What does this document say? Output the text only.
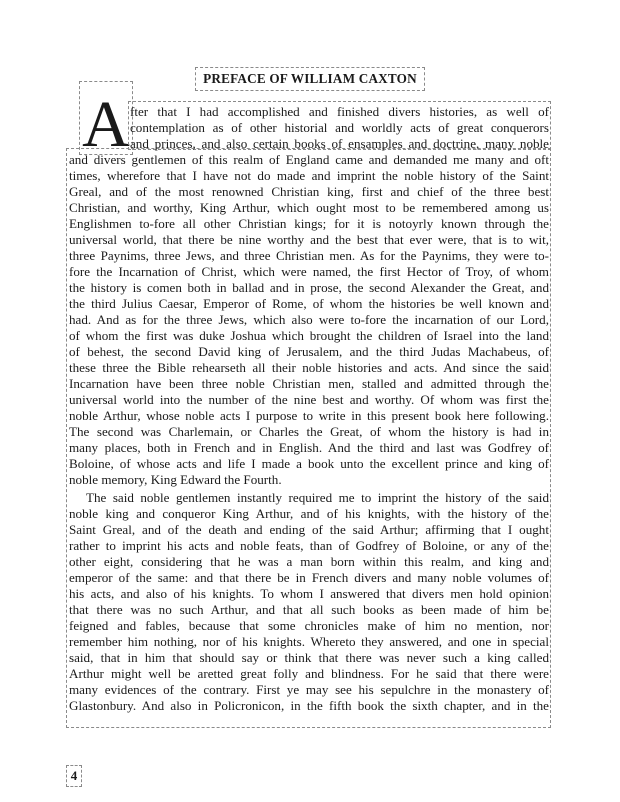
PREFACE OF WILLIAM CAXTON
A fter that I had accomplished and finished divers histories, as well of
contemplation as of other historial and worldly acts of great conquerors
and princes, and also certain books of ensamples and doctrine, many noble
and divers gentlemen of this realm of England came and demanded me many and oft
times, wherefore that I have not do made and imprint the noble history of the Saint
Greal, and of the most renowned Christian king, first and chief of the three best
Christian, and worthy, King Arthur, which ought most to be remembered among us
Englishmen to-fore all other Christian kings; for it is notoyrly known through the
universal world, that there be nine worthy and the best that ever were, that is to wit,
three Paynims, three Jews, and three Christian men. As for the Paynims, they were to-
fore the Incarnation of Christ, which were named, the first Hector of Troy, of whom
the history is comen both in ballad and in prose, the second Alexander the Great, and
the third Julius Caesar, Emperor of Rome, of whom the histories be well known and
had. And as for the three Jews, which also were to-fore the incarnation of our Lord,
of whom the first was duke Joshua which brought the children of Israel into the land
of behest, the second David king of Jerusalem, and the third Judas Machabeus, of
these three the Bible rehearseth all their noble histories and acts. And since the said
Incarnation have been three noble Christian men, stalled and admitted through the
universal world into the number of the nine best and worthy. Of whom was first the
noble Arthur, whose noble acts I purpose to write in this present book here following.
The second was Charlemain, or Charles the Great, of whom the history is had in
many places, both in French and in English. And the third and last was Godfrey of
Boloine, of whose acts and life I made a book unto the excellent prince and king of
noble memory, King Edward the Fourth.
The said noble gentlemen instantly required me to imprint the history of the said
noble king and conqueror King Arthur, and of his knights, with the history of the
Saint Greal, and of the death and ending of the said Arthur; affirming that I ought
rather to imprint his acts and noble feats, than of Godfrey of Boloine, or any of the
other eight, considering that he was a man born within this realm, and king and
emperor of the same: and that there be in French divers and many noble volumes of
his acts, and also of his knights. To whom I answered that divers men hold opinion
that there was no such Arthur, and that all such books as been made of him be
feigned and fables, because that some chronicles make of him no mention, nor
remember him nothing, nor of his knights. Whereto they answered, and one in special
said, that in him that should say or think that there was never such a king called
Arthur might well be aretted great folly and blindness. For he said that there were
many evidences of the contrary. First ye may see his sepulchre in the monastery of
Glastonbury. And also in Policronicon, in the fifth book the sixth chapter, and in the
4
